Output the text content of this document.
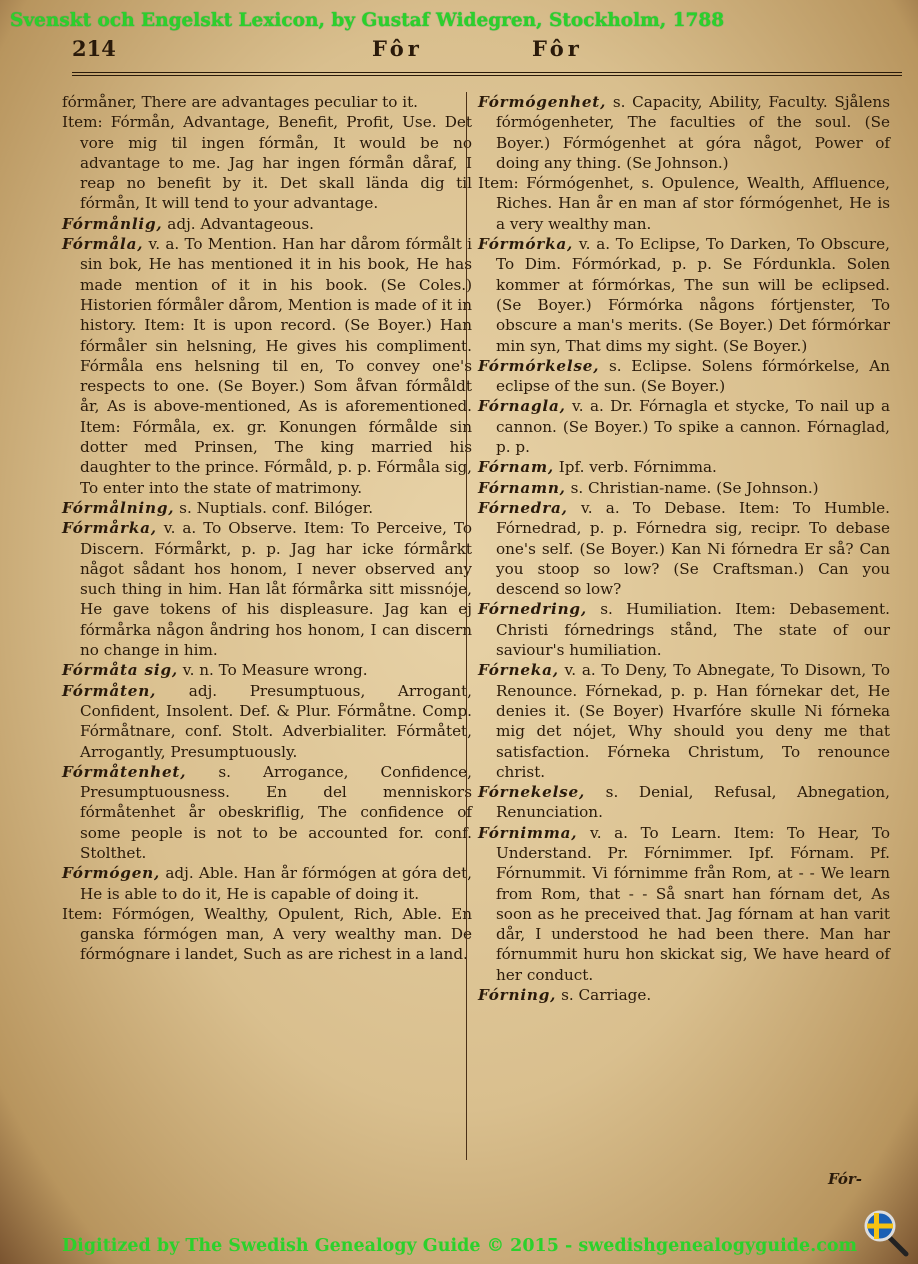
Svenskt och Engelskt Lexicon, by Gustaf Widegren, Stockholm, 1788
214	Fôr	Fôr

fórmåner, There are advantages peculiar to it.

Item: Fórmån, Advantage, Benefit, Profit, Use. Det vore mig til ingen fórmån, It would be no advantage to me. Jag har ingen fórmån dåraf, I reap no benefit by it. Det skall lända dig til fórmån, It will tend to your advantage.

Fórmånlig, adj. Advantageous.

Fórmåla, v. a. To Mention. Han har dårom fórmålt i sin bok, He has mentioned it in his book, He has made mention of it in his book. (Se Coles.) Historien fórmåler dårom, Mention is made of it in history. Item: It is upon record. (Se Boyer.) Han fórmåler sin helsning, He gives his compliment. Fórmåla ens helsning til en, To convey one's respects to one. (Se Boyer.) Som åfvan fórmåldt år, As is above-mentioned, As is aforementioned. Item: Fórmåla, ex. gr. Konungen fórmålde sin dotter med Prinsen, The king married his daughter to the prince. Fórmåld, p. p. Fórmåla sig, To enter into the state of matrimony.

Fórmålning, s. Nuptials. conf. Bilóger.

Fórmårka, v. a. To Observe. Item: To Perceive, To Discern. Fórmårkt, p. p. Jag har icke fórmårkt något sådant hos honom, I never observed any such thing in him. Han låt fórmårka sitt missnóje, He gave tokens of his displeasure. Jag kan ej fórmårka någon åndring hos honom, I can discern no change in him.

Fórmåta sig, v. n. To Measure wrong.

Fórmåten, adj. Presumptuous, Arrogant, Confident, Insolent. Def. & Plur. Fórmåtne. Comp. Fórmåtnare, conf. Stolt. Adverbialiter. Fórmåtet, Arrogantly, Presumptuously.

Fórmåtenhet, s. Arrogance, Confidence, Presumptuousness. En del menniskors fórmåtenhet år obeskriflig, The confidence of some people is not to be accounted for. conf. Stolthet.

Fórmógen, adj. Able. Han år fórmógen at góra det, He is able to do it, He is capable of doing it.

Item: Fórmógen, Wealthy, Opulent, Rich, Able. En ganska fórmógen man, A very wealthy man. De fórmógnare i landet, Such as are richest in a land.

Fórmógenhet, s. Capacity, Ability, Faculty. Sjålens fórmógenheter, The faculties of the soul. (Se Boyer.) Fórmógenhet at góra något, Power of doing any thing. (Se Johnson.)

Item: Fórmógenhet, s. Opulence, Wealth, Affluence, Riches. Han år en man af stor fórmógenhet, He is a very wealthy man.

Fórmórka, v. a. To Eclipse, To Darken, To Obscure, To Dim. Fórmórkad, p. p. Se Fórdunkla. Solen kommer at fórmórkas, The sun will be eclipsed. (Se Boyer.) Fórmórka någons fórtjenster, To obscure a man's merits. (Se Boyer.) Det fórmórkar min syn, That dims my sight. (Se Boyer.)

Fórmórkelse, s. Eclipse. Solens fórmórkelse, An eclipse of the sun. (Se Boyer.)

Fórnagla, v. a. Dr. Fórnagla et stycke, To nail up a cannon. (Se Boyer.) To spike a cannon. Fórnaglad, p. p.

Fórnam, Ipf. verb. Fórnimma.

Fórnamn, s. Christian-name. (Se Johnson.)

Fórnedra, v. a. To Debase. Item: To Humble. Fórnedrad, p. p. Fórnedra sig, recipr. To debase one's self. (Se Boyer.) Kan Ni fórnedra Er så? Can you stoop so low? (Se Craftsman.) Can you descend so low?

Fórnedring, s. Humiliation. Item: Debasement. Christi fórnedrings stånd, The state of our saviour's humiliation.

Fórneka, v. a. To Deny, To Abnegate, To Disown, To Renounce. Fórnekad, p. p. Han fórnekar det, He denies it. (Se Boyer) Hvarfóre skulle Ni fórneka mig det nójet, Why should you deny me that satisfaction. Fórneka Christum, To renounce christ.

Fórnekelse, s. Denial, Refusal, Abnegation, Renunciation.

Fórnimma, v. a. To Learn. Item: To Hear, To Understand. Pr. Fórnimmer. Ipf. Fórnam. Pf. Fórnummit. Vi fórnimme från Rom, at - - We learn from Rom, that - - Så snart han fórnam det, As soon as he preceived that. Jag fórnam at han varit dår, I understood he had been there. Man har fórnummit huru hon skickat sig, We have heard of her conduct.

Fórning, s. Carriage.

Fór-
Digitized by The Swedish Genealogy Guide © 2015 - swedishgenealogyguide.com
